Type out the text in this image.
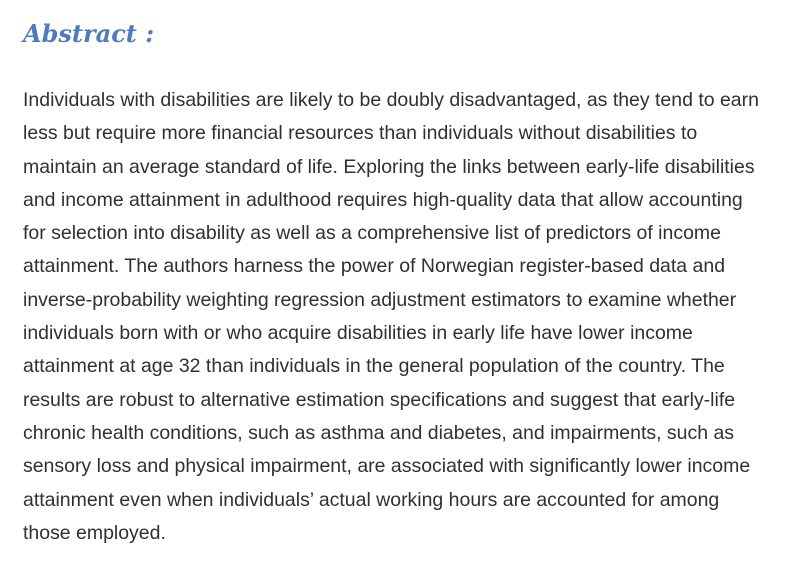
Abstract :

Individuals with disabilities are likely to be doubly disadvantaged, as they tend to earn
less but require more financial resources than individuals without disabilities to
maintain an average standard of life. Exploring the links between early-life disabilities
and income attainment in adulthood requires high-quality data that allow accounting
for selection into disability as well as a comprehensive list of predictors of income
attainment. The authors harness the power of Norwegian register-based data and
inverse-probability weighting regression adjustment estimators to examine whether
individuals born with or who acquire disabilities in early life have lower income
attainment at age 32 than individuals in the general population of the country. The
results are robust to alternative estimation specifications and suggest that early-life
chronic health conditions, such as asthma and diabetes, and impairments, such as
sensory loss and physical impairment, are associated with significantly lower income
attainment even when individuals’ actual working hours are accounted for among
those employed.
